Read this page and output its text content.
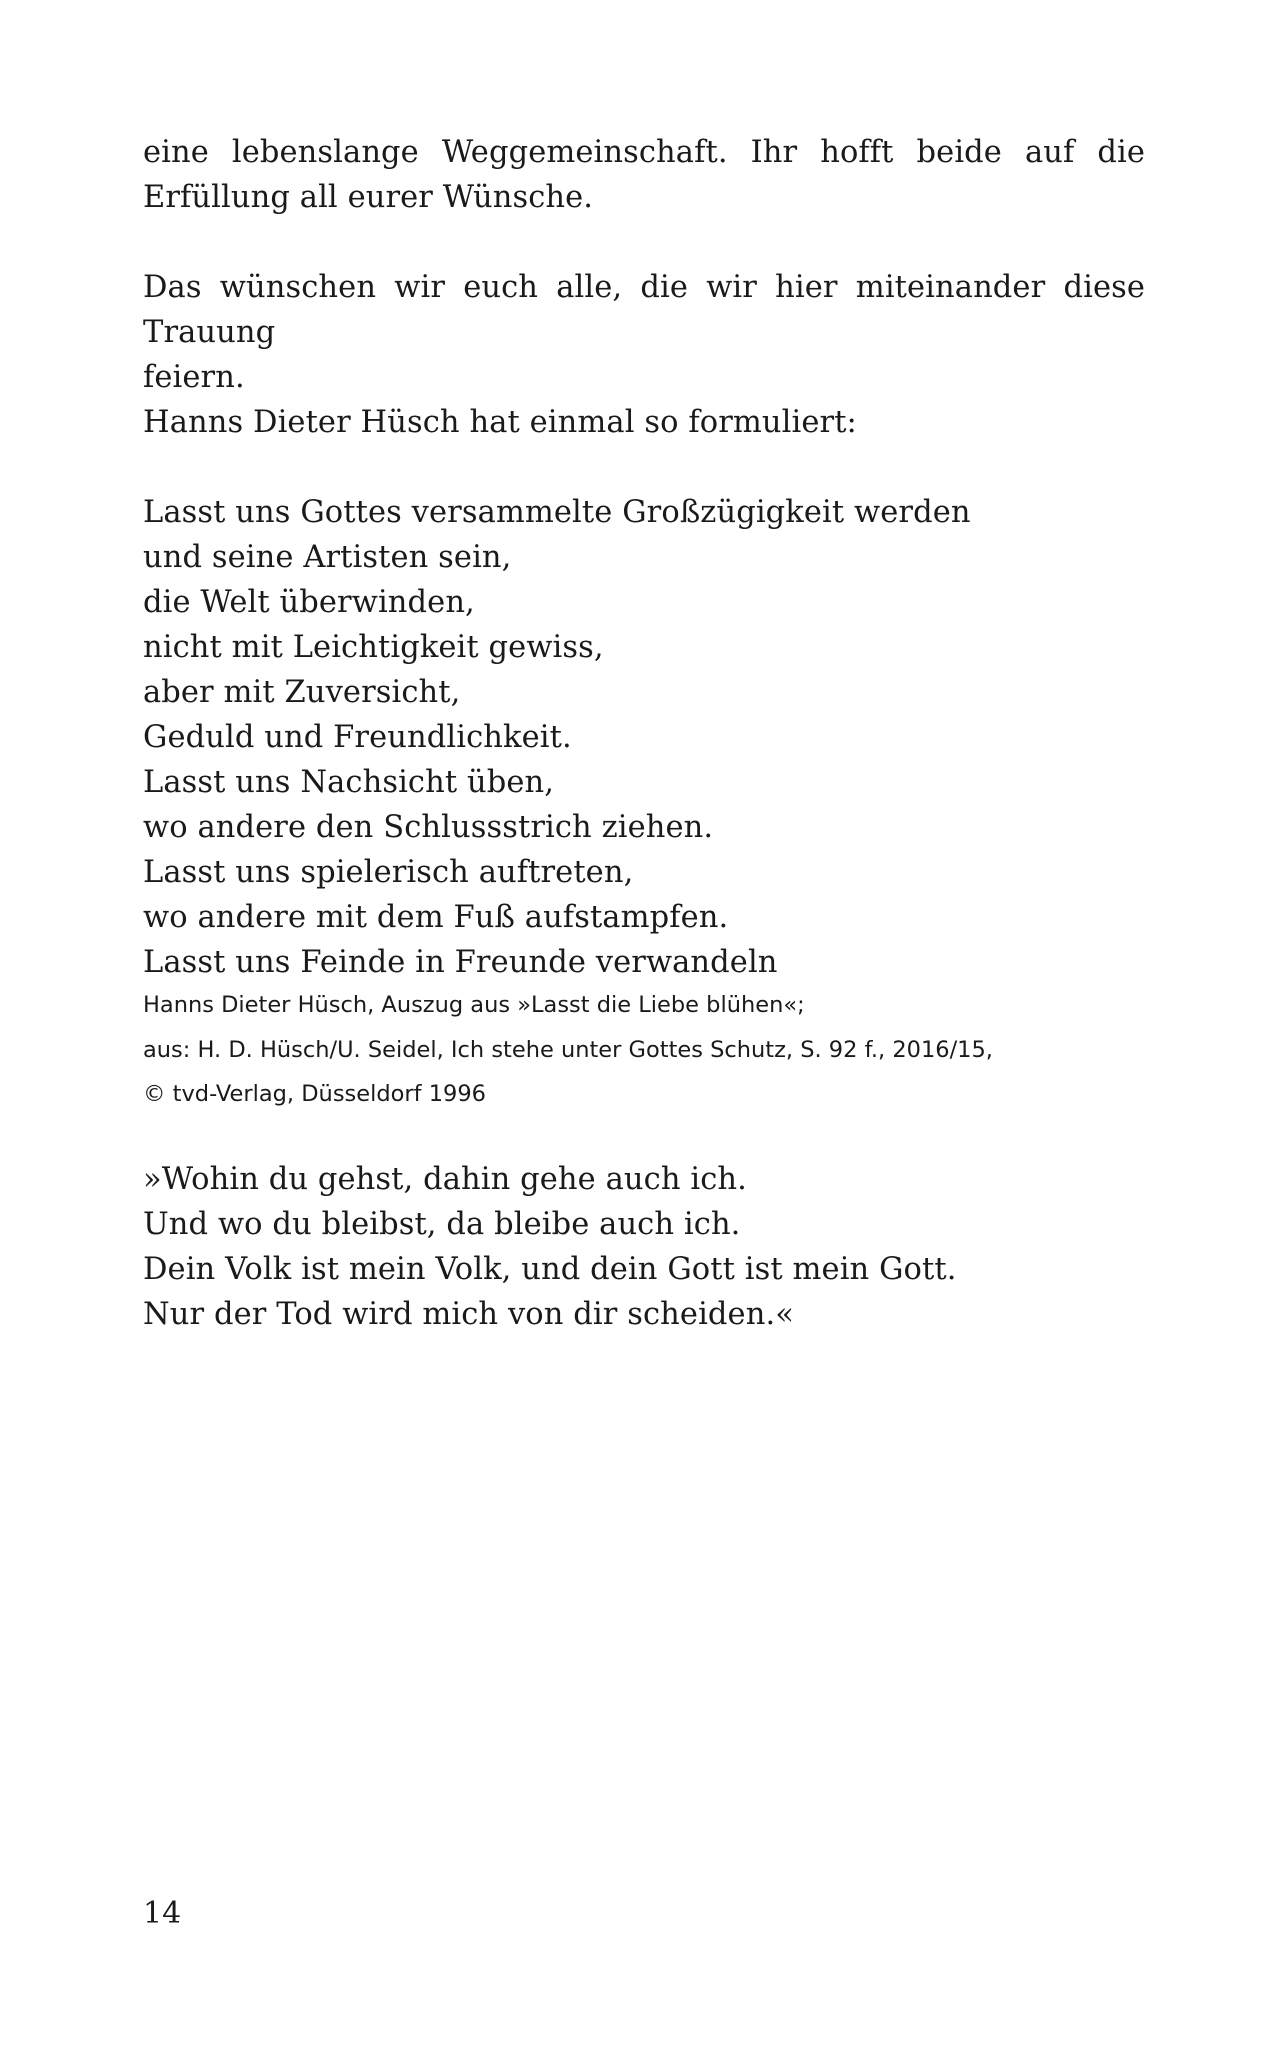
eine lebenslange Weggemeinschaft. Ihr hofft beide auf die Erfüllung all eurer Wünsche.

Das wünschen wir euch alle, die wir hier miteinander diese Trauung
feiern.

Hanns Dieter Hüsch hat einmal so formuliert:

Lasst uns Gottes versammelte Großzügigkeit werden
und seine Artisten sein,
die Welt überwinden,
nicht mit Leichtigkeit gewiss,
aber mit Zuversicht,
Geduld und Freundlichkeit.
Lasst uns Nachsicht üben,
wo andere den Schlussstrich ziehen.
Lasst uns spielerisch auftreten,
wo andere mit dem Fuß aufstampfen.
Lasst uns Feinde in Freunde verwandeln
Hanns Dieter Hüsch, Auszug aus »Lasst die Liebe blühen«;
aus: H. D. Hüsch/U. Seidel, Ich stehe unter Gottes Schutz, S. 92 f., 2016/15,
© tvd-Verlag, Düsseldorf 1996
»Wohin du gehst, dahin gehe auch ich.
Und wo du bleibst, da bleibe auch ich.
Dein Volk ist mein Volk, und dein Gott ist mein Gott.
Nur der Tod wird mich von dir scheiden.«
14
